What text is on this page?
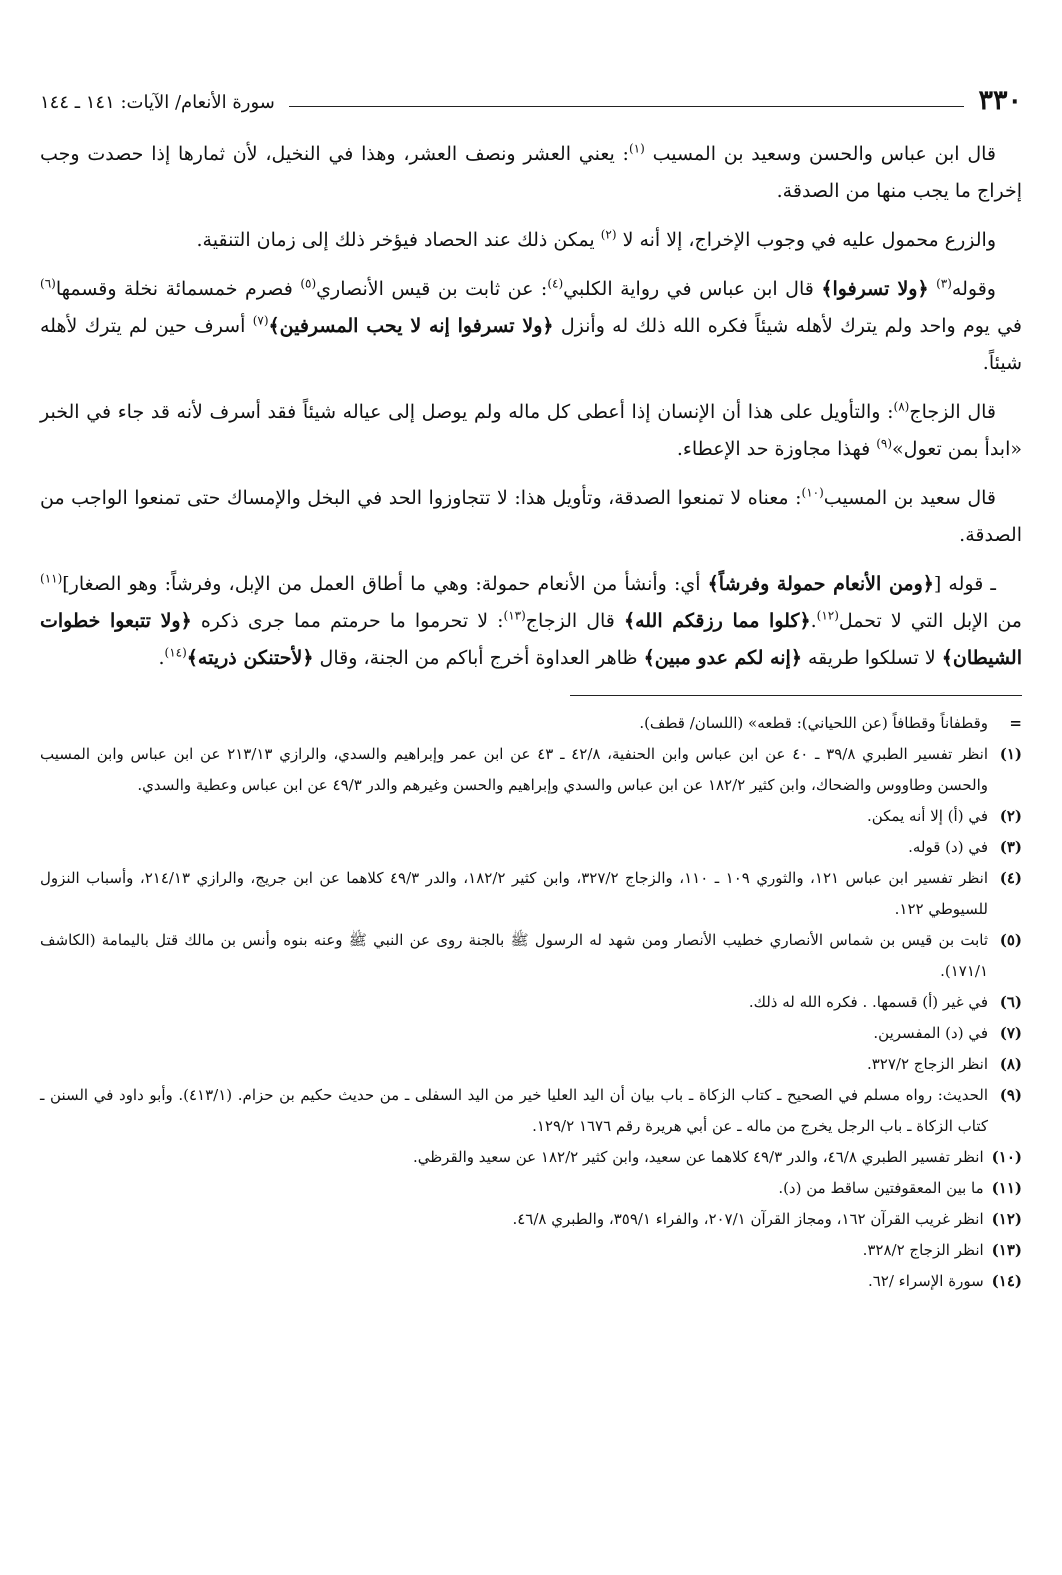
٣٣٠
سورة الأنعام/ الآيات: ١٤١ ـ ١٤٤

قال ابن عباس والحسن وسعيد بن المسيب $^{(١)}$: يعني العشر ونصف العشر، وهذا في النخيل، لأن ثمارها إذا حصدت وجب إخراج ما يجب منها من الصدقة.

والزرع محمول عليه في وجوب الإخراج، إلا أنه لا $^{(٢)}$ يمكن ذلك عند الحصاد فيؤخر ذلك إلى زمان التنقية.

وقوله$^{(٣)}$ ﴿ولا تسرفوا﴾ قال ابن عباس في رواية الكلبي$^{(٤)}$: عن ثابت بن قيس الأنصاري$^{(٥)}$ فصرم خمسمائة نخلة وقسمها$^{(٦)}$ في يوم واحد ولم يترك لأهله شيئاً فكره الله ذلك له وأنزل ﴿ولا تسرفوا إنه لا يحب المسرفين﴾$^{(٧)}$ أسرف حين لم يترك لأهله شيئاً.

قال الزجاج$^{(٨)}$: والتأويل على هذا أن الإنسان إذا أعطى كل ماله ولم يوصل إلى عياله شيئاً فقد أسرف لأنه قد جاء في الخبر «ابدأ بمن تعول»$^{(٩)}$ فهذا مجاوزة حد الإعطاء.

قال سعيد بن المسيب$^{(١٠)}$: معناه لا تمنعوا الصدقة، وتأويل هذا: لا تتجاوزوا الحد في البخل والإمساك حتى تمنعوا الواجب من الصدقة.

ـ قوله [﴿ومن الأنعام حمولة وفرشاً﴾ أي: وأنشأ من الأنعام حمولة: وهي ما أطاق العمل من الإبل، وفرشاً: وهو الصغار]$^{(١١)}$ من الإبل التي لا تحمل$^{(١٢)}$.﴿كلوا مما رزقكم الله﴾ قال الزجاج$^{(١٣)}$: لا تحرموا ما حرمتم مما جرى ذكره ﴿ولا تتبعوا خطوات الشيطان﴾ لا تسلكوا طريقه ﴿إنه لكم عدو مبين﴾ ظاهر العداوة أخرج أباكم من الجنة، وقال ﴿لأحتنكن ذريته﴾$^{(١٤)}$.

=
وقطفاناً وقطافاً (عن اللحياني): قطعه» (اللسان/ قطف).
(١)
انظر تفسير الطبري ٣٩/٨ ـ ٤٠ عن ابن عباس وابن الحنفية، ٤٢/٨ ـ ٤٣ عن ابن عمر وإبراهيم والسدي، والرازي ٢١٣/١٣ عن ابن عباس وابن المسيب والحسن وطاووس والضحاك، وابن كثير ١٨٢/٢ عن ابن عباس والسدي وإبراهيم والحسن وغيرهم والدر ٤٩/٣ عن ابن عباس وعطية والسدي.
(٢)
في (أ) إلا أنه يمكن.
(٣)
في (د) قوله.
(٤)
انظر تفسير ابن عباس ١٢١، والثوري ١٠٩ ـ ١١٠، والزجاج ٣٢٧/٢، وابن كثير ١٨٢/٢، والدر ٤٩/٣ كلاهما عن ابن جريج، والرازي ٢١٤/١٣، وأسباب النزول للسيوطي ١٢٢.
(٥)
ثابت بن قيس بن شماس الأنصاري خطيب الأنصار ومن شهد له الرسول ﷺ بالجنة روى عن النبي ﷺ وعنه بنوه وأنس بن مالك قتل باليمامة (الكاشف ١٧١/١).
(٦)
في غير (أ) قسمها. . فكره الله له ذلك.
(٧)
في (د) المفسرين.
(٨)
انظر الزجاج ٣٢٧/٢.
(٩)
الحديث: رواه مسلم في الصحيح ـ كتاب الزكاة ـ باب بيان أن اليد العليا خير من اليد السفلى ـ من حديث حكيم بن حزام. (٤١٣/١). وأبو داود في السنن ـ كتاب الزكاة ـ باب الرجل يخرج من ماله ـ عن أبي هريرة رقم ١٦٧٦ ١٢٩/٢.
(١٠)
انظر تفسير الطبري ٤٦/٨، والدر ٤٩/٣ كلاهما عن سعيد، وابن كثير ١٨٢/٢ عن سعيد والقرظي.
(١١)
ما بين المعقوفتين ساقط من (د).
(١٢)
انظر غريب القرآن ١٦٢، ومجاز القرآن ٢٠٧/١، والفراء ٣٥٩/١، والطبري ٤٦/٨.
(١٣)
انظر الزجاج ٣٢٨/٢.
(١٤)
سورة الإسراء /٦٢.
